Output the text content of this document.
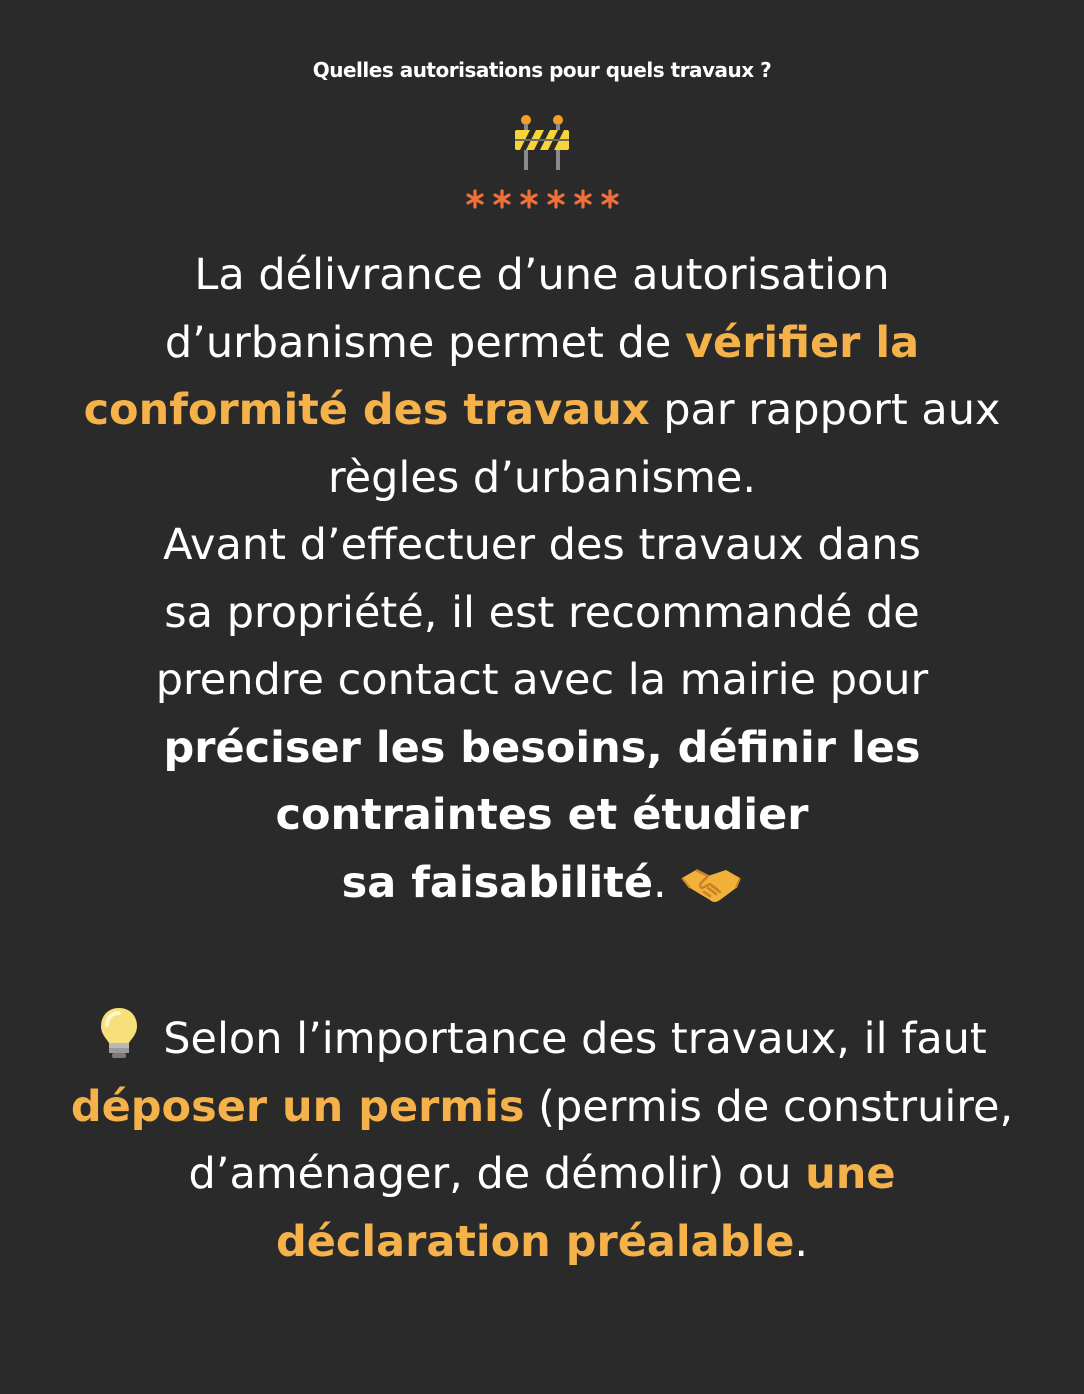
Quelles autorisations pour quels travaux ?
La délivrance d’une autorisation
d’urbanisme permet de vérifier la
conformité des travaux par rapport aux
règles d’urbanisme.
Avant d’effectuer des travaux dans
sa propriété, il est recommandé de
prendre contact avec la mairie pour
préciser les besoins, définir les
contraintes et étudier
sa faisabilité.
Selon l’importance des travaux, il faut
déposer un permis (permis de construire,
d’aménager, de démolir) ou une
déclaration préalable.
